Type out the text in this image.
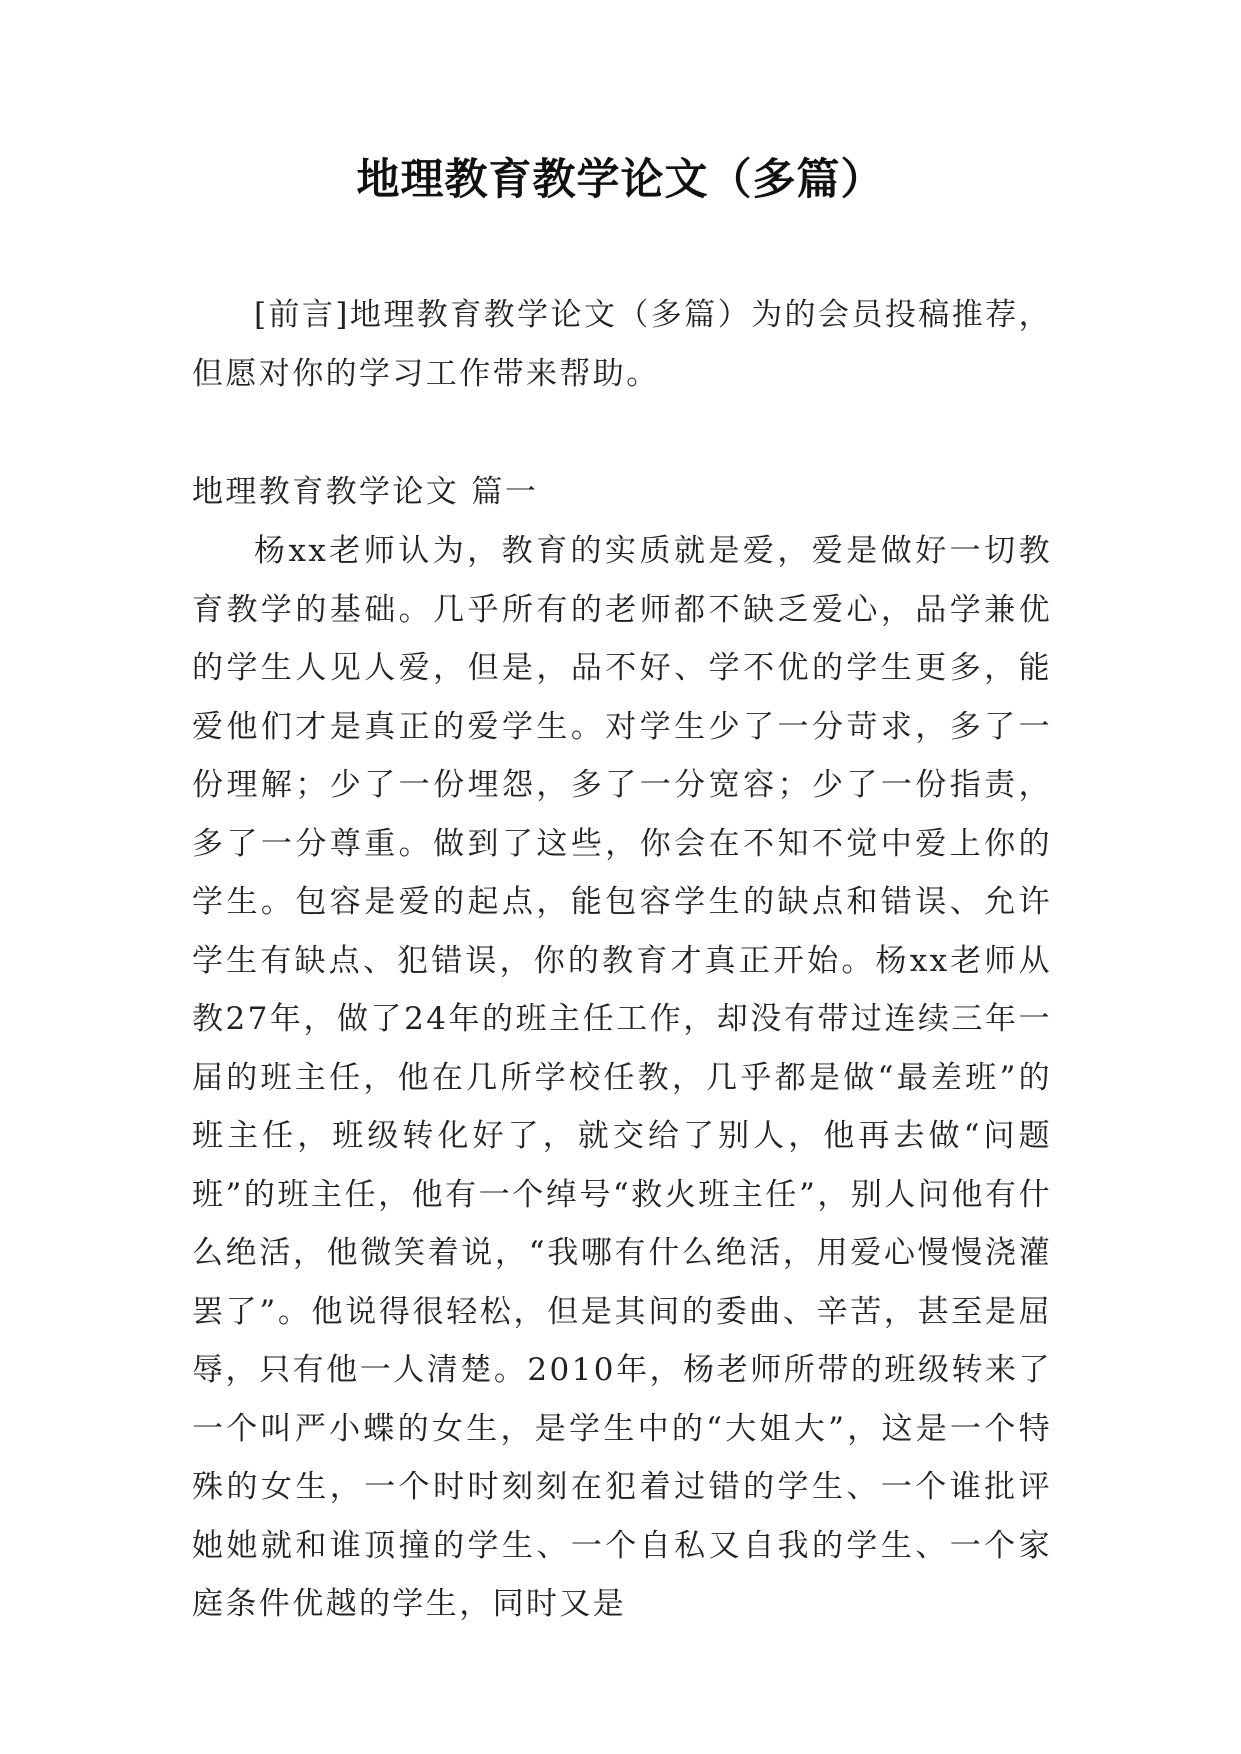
地理教育教学论文（多篇）

[前言]地理教育教学论文（多篇）为的会员投稿推荐，但愿对你的学习工作带来帮助。

地理教育教学论文 篇一

杨xx老师认为，教育的实质就是爱，爱是做好一切教育教学的基础。几乎所有的老师都不缺乏爱心，品学兼优的学生人见人爱，但是，品不好、学不优的学生更多，能爱他们才是真正的爱学生。对学生少了一分苛求，多了一份理解；少了一份埋怨，多了一分宽容；少了一份指责，多了一分尊重。做到了这些，你会在不知不觉中爱上你的学生。包容是爱的起点，能包容学生的缺点和错误、允许学生有缺点、犯错误，你的教育才真正开始。杨xx老师从教27年，做了24年的班主任工作，却没有带过连续三年一届的班主任，他在几所学校任教，几乎都是做“最差班”的班主任，班级转化好了，就交给了别人，他再去做“问题班”的班主任，他有一个绰号“救火班主任”，别人问他有什么绝活，他微笑着说，“我哪有什么绝活，用爱心慢慢浇灌罢了”。他说得很轻松，但是其间的委曲、辛苦，甚至是屈辱，只有他一人清楚。2010年，杨老师所带的班级转来了一个叫严小蝶的女生，是学生中的“大姐大”，这是一个特殊的女生，一个时时刻刻在犯着过错的学生、一个谁批评她她就和谁顶撞的学生、一个自私又自我的学生、一个家庭条件优越的学生，同时又是
